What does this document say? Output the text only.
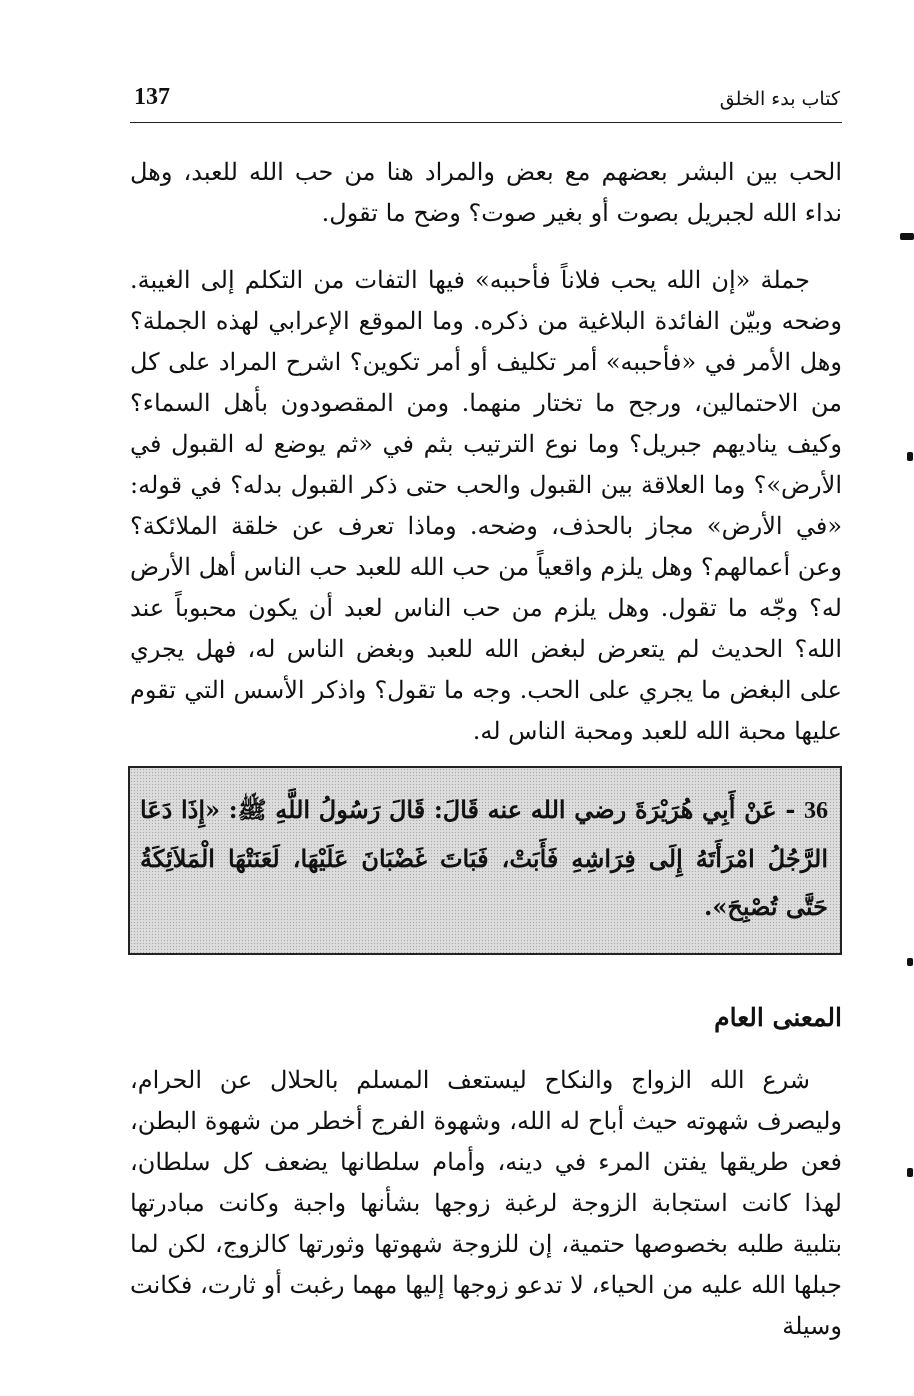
137	كتاب بدء الخلق

الحب بين البشر بعضهم مع بعض والمراد هنا من حب الله للعبد، وهل نداء الله لجبريل بصوت أو بغير صوت؟ وضح ما تقول.

جملة «إن الله يحب فلاناً فأحببه» فيها التفات من التكلم إلى الغيبة. وضحه وبيّن الفائدة البلاغية من ذكره. وما الموقع الإعرابي لهذه الجملة؟ وهل الأمر في «فأحببه» أمر تكليف أو أمر تكوين؟ اشرح المراد على كل من الاحتمالين، ورجح ما تختار منهما. ومن المقصودون بأهل السماء؟ وكيف يناديهم جبريل؟ وما نوع الترتيب بثم في «ثم يوضع له القبول في الأرض»؟ وما العلاقة بين القبول والحب حتى ذكر القبول بدله؟ في قوله: «في الأرض» مجاز بالحذف، وضحه. وماذا تعرف عن خلقة الملائكة؟ وعن أعمالهم؟ وهل يلزم واقعياً من حب الله للعبد حب الناس أهل الأرض له؟ وجّه ما تقول. وهل يلزم من حب الناس لعبد أن يكون محبوباً عند الله؟ الحديث لم يتعرض لبغض الله للعبد وبغض الناس له، فهل يجري على البغض ما يجري على الحب. وجه ما تقول؟ واذكر الأسس التي تقوم عليها محبة الله للعبد ومحبة الناس له.

36 - عَنْ أَبِي هُرَيْرَةَ رضي الله عنه قَالَ: قَالَ رَسُولُ اللَّهِ ﷺ: «إِذَا دَعَا الرَّجُلُ امْرَأَتَهُ إِلَى فِرَاشِهِ فَأَبَتْ، فَبَاتَ غَضْبَانَ عَلَيْهَا، لَعَنَتْهَا الْمَلاَئِكَةُ حَتَّى تُصْبِحَ».
المعنى العام

شرع الله الزواج والنكاح ليستعف المسلم بالحلال عن الحرام، وليصرف شهوته حيث أباح له الله، وشهوة الفرج أخطر من شهوة البطن، فعن طريقها يفتن المرء في دينه، وأمام سلطانها يضعف كل سلطان، لهذا كانت استجابة الزوجة لرغبة زوجها بشأنها واجبة وكانت مبادرتها بتلبية طلبه بخصوصها حتمية، إن للزوجة شهوتها وثورتها كالزوج، لكن لما جبلها الله عليه من الحياء، لا تدعو زوجها إليها مهما رغبت أو ثارت، فكانت وسيلة
